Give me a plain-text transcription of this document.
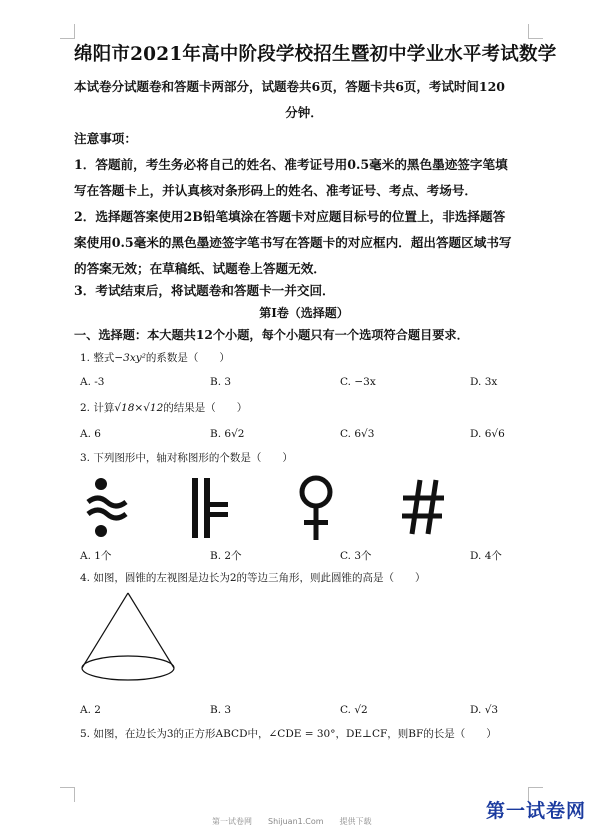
绵阳市2021年高中阶段学校招生暨初中学业水平考试数学
本试卷分试题卷和答题卡两部分，试题卷共6页，答题卡共6页，考试时间120
分钟．
注意事项：
1．答题前，考生务必将自己的姓名、准考证号用0.5毫米的黑色墨迹签字笔填
写在答题卡上，并认真核对条形码上的姓名、准考证号、考点、考场号．
2．选择题答案使用2B铅笔填涂在答题卡对应题目标号的位置上，非选择题答
案使用0.5毫米的黑色墨迹签字笔书写在答题卡的对应框内．超出答题区域书写
的答案无效；在草稿纸、试题卷上答题无效．
3．考试结束后，将试题卷和答题卡一并交回．
第Ⅰ卷（选择题）
一、选择题：本大题共12个小题，每个小题只有一个选项符合题目要求．
1. 整式−3xy²的系数是（　　）
A. -3	B. 3	C. −3x	D. 3x
2. 计算√18×√12的结果是（　　）
A. 6	B. 6√2	C. 6√3	D. 6√6
3. 下列图形中，轴对称图形的个数是（　　）
A. 1个	B. 2个	C. 3个	D. 4个
4. 如图，圆锥的左视图是边长为2的等边三角形，则此圆锥的高是（　　）
A. 2	B. 3	C. √2	D. √3
5. 如图，在边长为3的正方形ABCD中，∠CDE = 30°，DE⊥CF，则BF的长是（　　）
第一试卷网　　Shijuan1.Com　　提供下载	第一试卷网
